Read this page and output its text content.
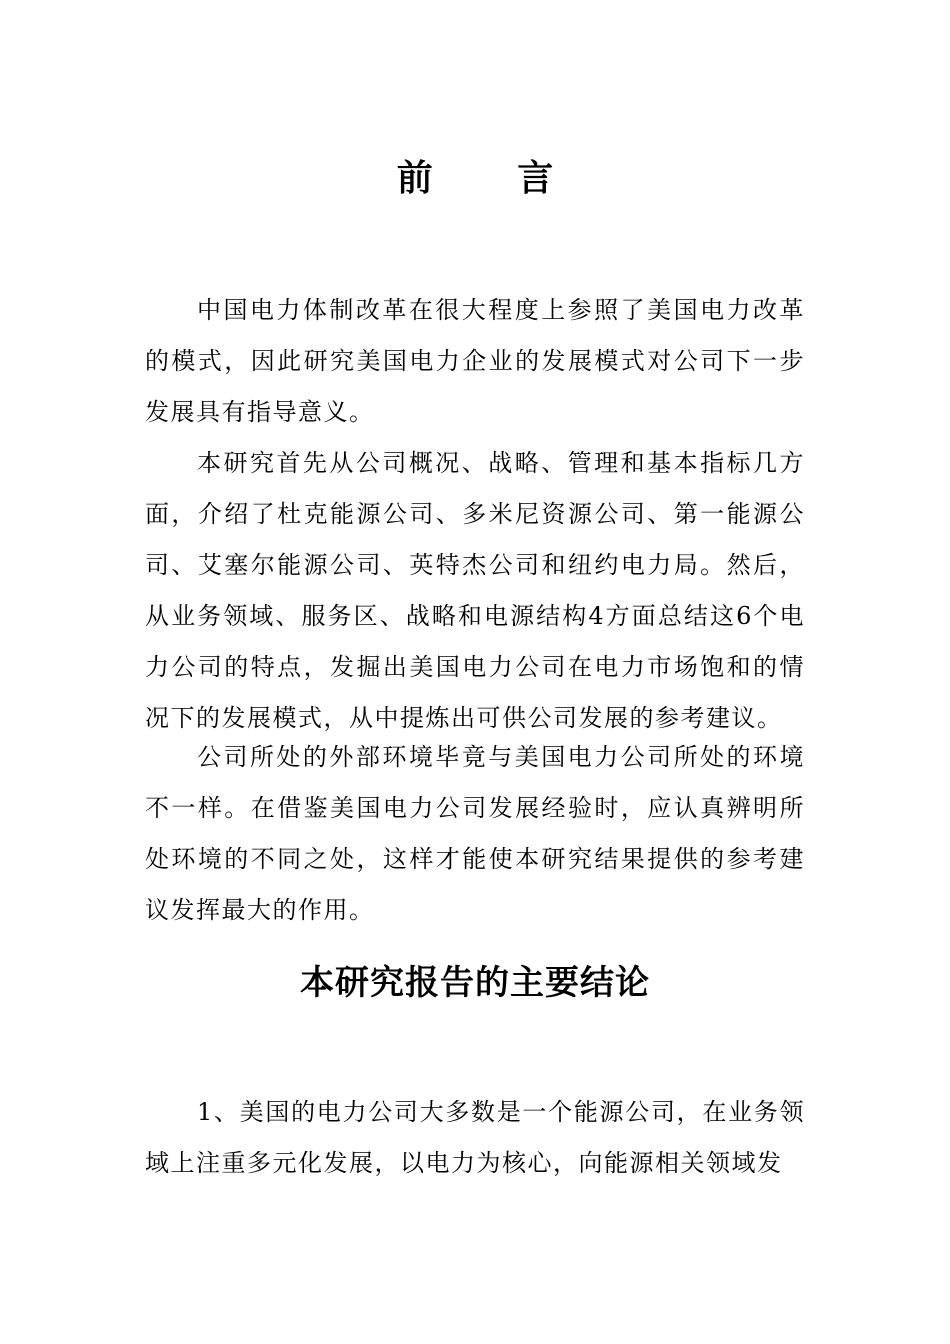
前 言

中国电力体制改革在很大程度上参照了美国电力改革的模式，因此研究美国电力企业的发展模式对公司下一步发展具有指导意义。

本研究首先从公司概况、战略、管理和基本指标几方面，介绍了杜克能源公司、多米尼资源公司、第一能源公司、艾塞尔能源公司、英特杰公司和纽约电力局。然后，从业务领域、服务区、战略和电源结构4方面总结这6个电力公司的特点，发掘出美国电力公司在电力市场饱和的情况下的发展模式，从中提炼出可供公司发展的参考建议。

公司所处的外部环境毕竟与美国电力公司所处的环境不一样。在借鉴美国电力公司发展经验时，应认真辨明所处环境的不同之处，这样才能使本研究结果提供的参考建议发挥最大的作用。

本研究报告的主要结论

1、美国的电力公司大多数是一个能源公司，在业务领域上注重多元化发展，以电力为核心，向能源相关领域发
